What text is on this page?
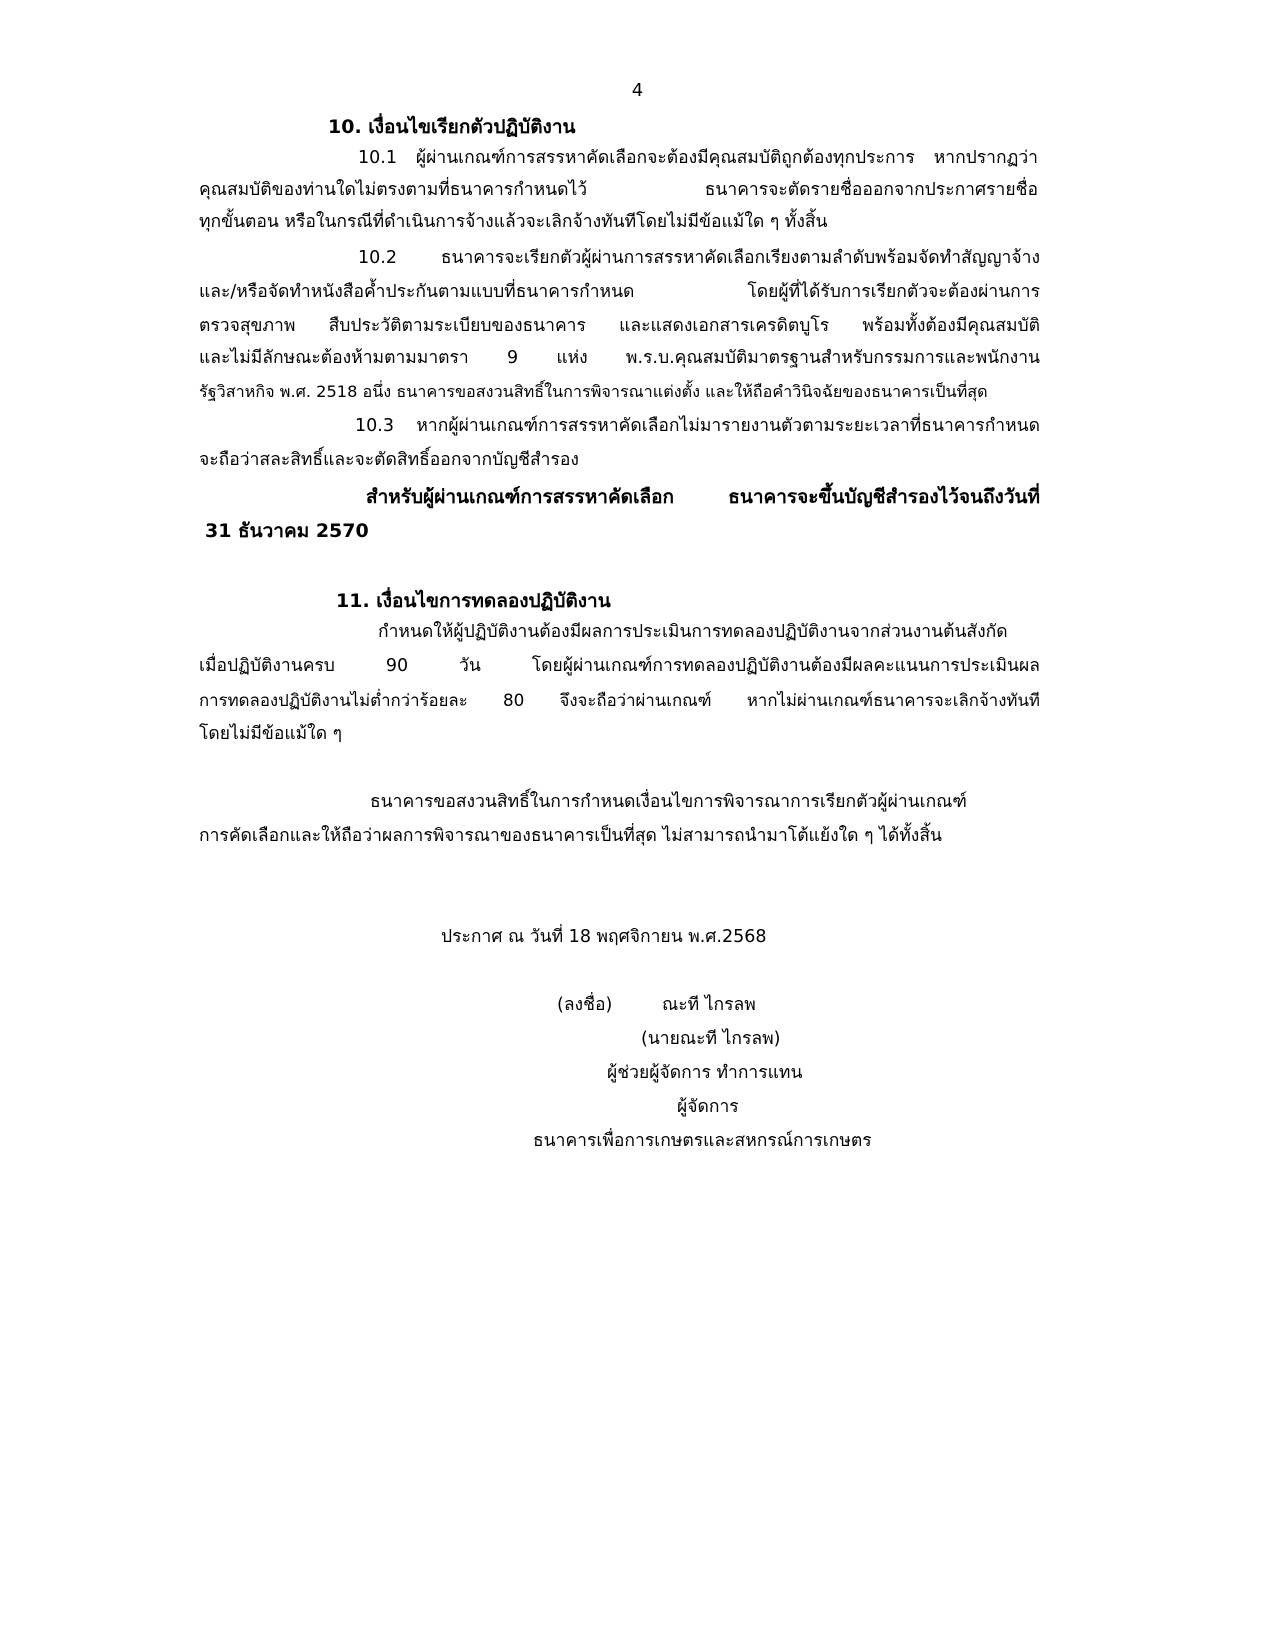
4
10. เงื่อนไขเรียกตัวปฏิบัติงาน
10.1 ผู้ผ่านเกณฑ์การสรรหาคัดเลือกจะต้องมีคุณสมบัติถูกต้องทุกประการ หากปรากฏว่า
คุณสมบัติของท่านใดไม่ตรงตามที่ธนาคารกำหนดไว้ ธนาคารจะตัดรายชื่อออกจากประกาศรายชื่อ
ทุกขั้นตอน หรือในกรณีที่ดำเนินการจ้างแล้วจะเลิกจ้างทันทีโดยไม่มีข้อแม้ใด ๆ ทั้งสิ้น
10.2 ธนาคารจะเรียกตัวผู้ผ่านการสรรหาคัดเลือกเรียงตามลำดับพร้อมจัดทำสัญญาจ้าง
และ/หรือจัดทำหนังสือค้ำประกันตามแบบที่ธนาคารกำหนด โดยผู้ที่ได้รับการเรียกตัวจะต้องผ่านการ
ตรวจสุขภาพ สืบประวัติตามระเบียบของธนาคาร และแสดงเอกสารเครดิตบูโร พร้อมทั้งต้องมีคุณสมบัติ
และไม่มีลักษณะต้องห้ามตามมาตรา 9 แห่ง พ.ร.บ.คุณสมบัติมาตรฐานสำหรับกรรมการและพนักงาน
รัฐวิสาหกิจ พ.ศ. 2518 อนึ่ง ธนาคารขอสงวนสิทธิ์ในการพิจารณาแต่งตั้ง และให้ถือคำวินิจฉัยของธนาคารเป็นที่สุด
10.3 หากผู้ผ่านเกณฑ์การสรรหาคัดเลือกไม่มารายงานตัวตามระยะเวลาที่ธนาคารกำหนด
จะถือว่าสละสิทธิ์และจะตัดสิทธิ์ออกจากบัญชีสำรอง
สำหรับผู้ผ่านเกณฑ์การสรรหาคัดเลือก ธนาคารจะขึ้นบัญชีสำรองไว้จนถึงวันที่
31 ธันวาคม 2570
11. เงื่อนไขการทดลองปฏิบัติงาน
กำหนดให้ผู้ปฏิบัติงานต้องมีผลการประเมินการทดลองปฏิบัติงานจากส่วนงานต้นสังกัด
เมื่อปฏิบัติงานครบ 90 วัน โดยผู้ผ่านเกณฑ์การทดลองปฏิบัติงานต้องมีผลคะแนนการประเมินผล
การทดลองปฏิบัติงานไม่ต่ำกว่าร้อยละ 80 จึงจะถือว่าผ่านเกณฑ์ หากไม่ผ่านเกณฑ์ธนาคารจะเลิกจ้างทันที
โดยไม่มีข้อแม้ใด ๆ
ธนาคารขอสงวนสิทธิ์ในการกำหนดเงื่อนไขการพิจารณาการเรียกตัวผู้ผ่านเกณฑ์
การคัดเลือกและให้ถือว่าผลการพิจารณาของธนาคารเป็นที่สุด ไม่สามารถนำมาโต้แย้งใด ๆ ได้ทั้งสิ้น
ประกาศ ณ วันที่ 18 พฤศจิกายน พ.ศ.2568
(ลงชื่อ)	ณะที ไกรลพ
(นายณะที ไกรลพ)
ผู้ช่วยผู้จัดการ ทำการแทน
ผู้จัดการ
ธนาคารเพื่อการเกษตรและสหกรณ์การเกษตร
